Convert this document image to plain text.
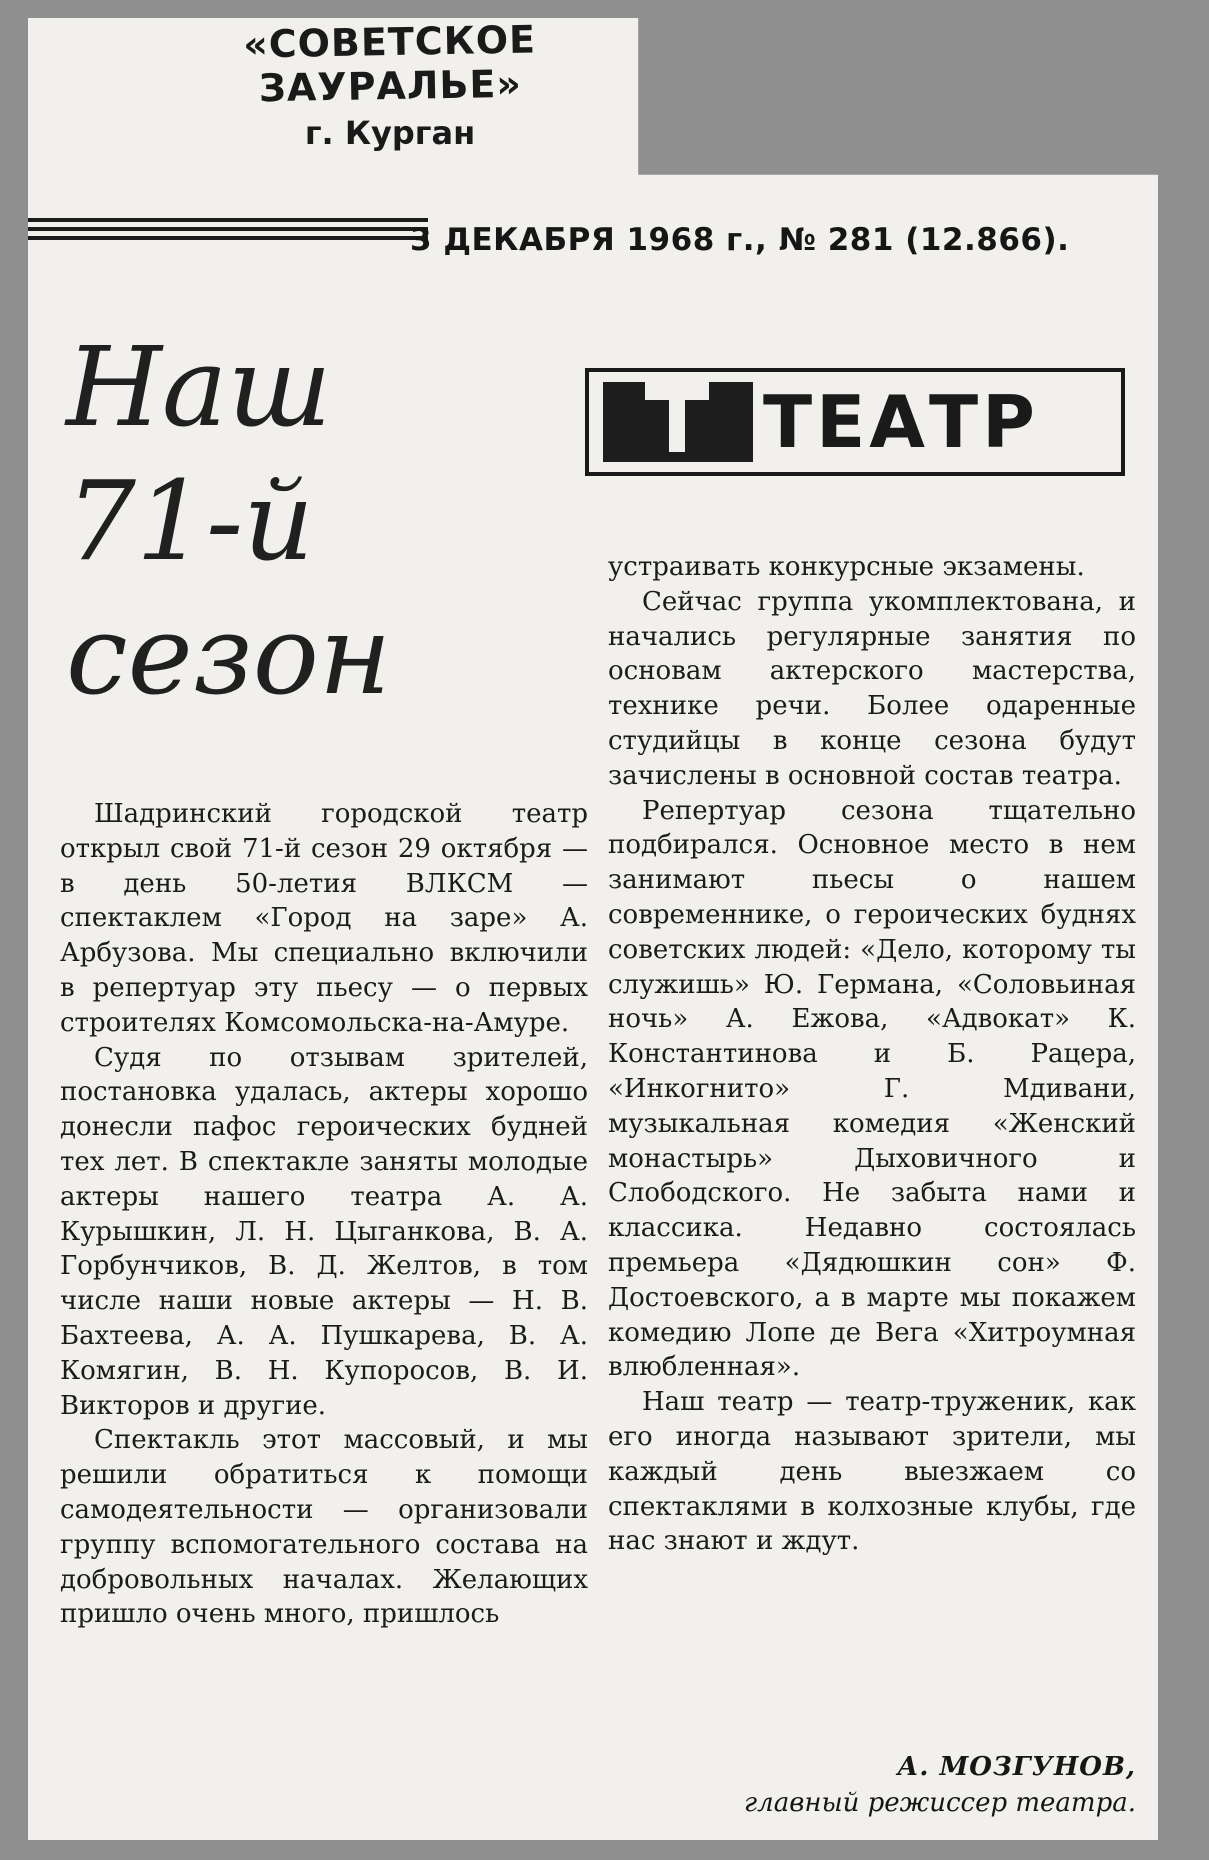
«СОВЕТСКОЕ ЗАУРАЛЬЕ»
г. Курган
3 ДЕКАБРЯ 1968 г., № 281 (12.866).
Наш
71-й
сезон
ТЕАТР

Шадринский городской театр открыл свой 71-й сезон 29 октября — в день 50-летия ВЛКСМ — спектаклем «Город на заре» А. Арбузова. Мы специально включили в репертуар эту пьесу — о первых строителях Комсомольска-на-Амуре.

Судя по отзывам зрителей, постановка удалась, актеры хорошо донесли пафос героических будней тех лет. В спектакле заняты молодые актеры нашего театра А. А. Курышкин, Л. Н. Цыганкова, В. А. Горбунчиков, В. Д. Желтов, в том числе наши новые актеры — Н. В. Бахтеева, А. А. Пушкарева, В. А. Комягин, В. Н. Купоросов, В. И. Викторов и другие.

Спектакль этот массовый, и мы решили обратиться к помощи самодеятельности — организовали группу вспомогательного состава на добровольных началах. Желающих пришло очень много, пришлось

устраивать конкурсные экзамены.

Сейчас группа укомплектована, и начались регулярные занятия по основам актерского мастерства, технике речи. Более одаренные студийцы в конце сезона будут зачислены в основной состав театра.

Репертуар сезона тщательно подбирался. Основное место в нем занимают пьесы о нашем современнике, о героических буднях советских людей: «Дело, которому ты служишь» Ю. Германа, «Соловьиная ночь» А. Ежова, «Адвокат» К. Константинова и Б. Рацера, «Инкогнито» Г. Мдивани, музыкальная комедия «Женский монастырь» Дыховичного и Слободского. Не забыта нами и классика. Недавно состоялась премьера «Дядюшкин сон» Ф. Достоевского, а в марте мы покажем комедию Лопе де Вега «Хитроумная влюбленная».

Наш театр — театр-труженик, как его иногда называют зрители, мы каждый день выезжаем со спектаклями в колхозные клубы, где нас знают и ждут.

А. МОЗГУНОВ,
главный режиссер театра.
